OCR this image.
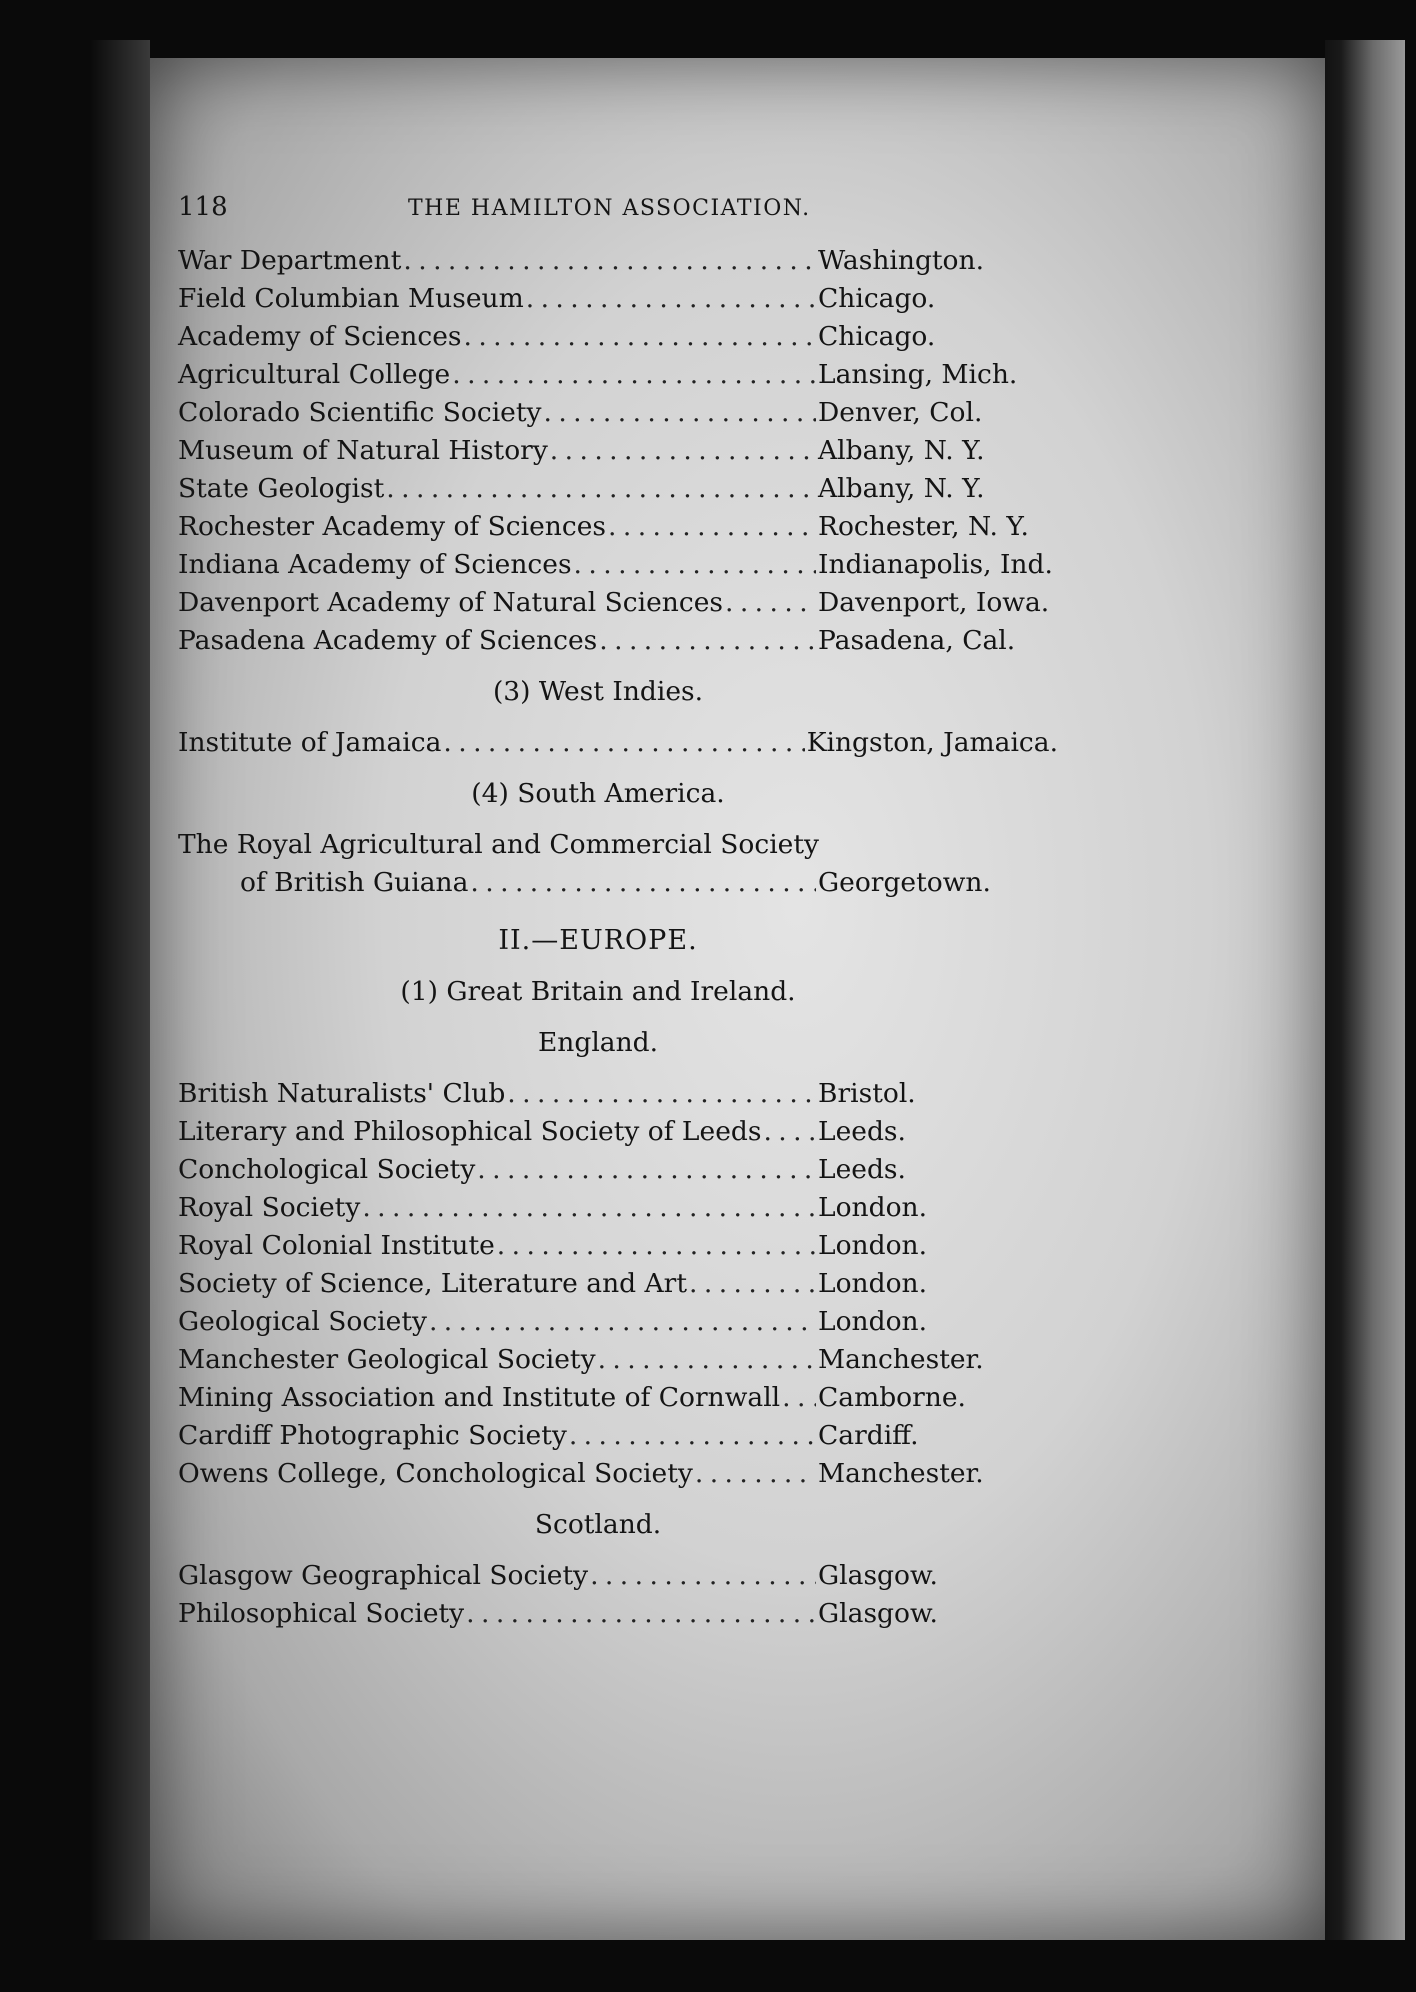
118	THE HAMILTON ASSOCIATION.
War Department . . .	Washington.
Field Columbian Museum . . .	Chicago.
Academy of Sciences . . .	Chicago.
Agricultural College . . .	Lansing, Mich.
Colorado Scientific Society . . .	Denver, Col.
Museum of Natural History . . .	Albany, N. Y.
State Geologist . . .	Albany, N. Y.
Rochester Academy of Sciences . . .	Rochester, N. Y.
Indiana Academy of Sciences . . .	Indianapolis, Ind.
Davenport Academy of Natural Sciences . . .	Davenport, Iowa.
Pasadena Academy of Sciences . . .	Pasadena, Cal.
(3) West Indies.
Institute of Jamaica . . .	Kingston, Jamaica.
(4) South America.
The Royal Agricultural and Commercial Society
of British Guiana . . .	Georgetown.
II.—EUROPE.
(1) Great Britain and Ireland.
England.
British Naturalists' Club . . .	Bristol.
Literary and Philosophical Society of Leeds . . . Leeds.
Conchological Society . . .	Leeds.
Royal Society . . .	London.
Royal Colonial Institute . . .	London.
Society of Science, Literature and Art . . .	London.
Geological Society . . .	London.
Manchester Geological Society . . .	Manchester.
Mining Association and Institute of Cornwall . . . Camborne.
Cardiff Photographic Society . . .	Cardiff.
Owens College, Conchological Society . . .	Manchester.
Scotland.
Glasgow Geographical Society . . .	Glasgow.
Philosophical Society . . .	Glasgow.
